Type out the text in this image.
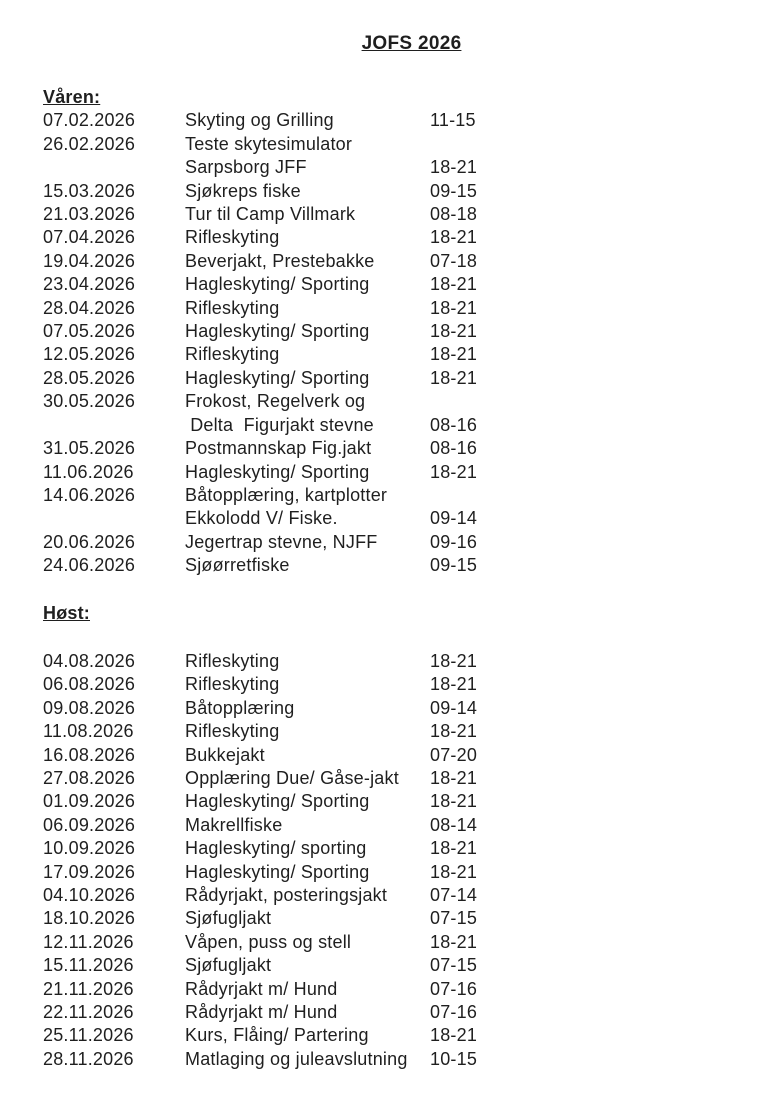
JOFS 2026
Våren:
07.02.2026	Skyting og Grilling	11-15
26.02.2026	Teste skytesimulator
Sarpsborg JFF	18-21
15.03.2026	Sjøkreps fiske	09-15
21.03.2026	Tur til Camp Villmark	08-18
07.04.2026	Rifleskyting	18-21
19.04.2026	Beverjakt, Prestebakke	07-18
23.04.2026	Hagleskyting/ Sporting	18-21
28.04.2026	Rifleskyting	18-21
07.05.2026	Hagleskyting/ Sporting	18-21
12.05.2026	Rifleskyting	18-21
28.05.2026	Hagleskyting/ Sporting	18-21
30.05.2026	Frokost, Regelverk og
Delta  Figurjakt stevne	08-16
31.05.2026	Postmannskap Fig.jakt	08-16
11.06.2026	Hagleskyting/ Sporting	18-21
14.06.2026	Båtopplæring, kartplotter
Ekkolodd V/ Fiske.	09-14
20.06.2026	Jegertrap stevne, NJFF	09-16
24.06.2026	Sjøørretfiske	09-15
Høst:
04.08.2026	Rifleskyting	18-21
06.08.2026	Rifleskyting	18-21
09.08.2026	Båtopplæring	09-14
11.08.2026	Rifleskyting	18-21
16.08.2026	Bukkejakt	07-20
27.08.2026	Opplæring Due/ Gåse-jakt	18-21
01.09.2026	Hagleskyting/ Sporting	18-21
06.09.2026	Makrellfiske	08-14
10.09.2026	Hagleskyting/ sporting	18-21
17.09.2026	Hagleskyting/ Sporting	18-21
04.10.2026	Rådyrjakt, posteringsjakt	07-14
18.10.2026	Sjøfugljakt	07-15
12.11.2026	Våpen, puss og stell	18-21
15.11.2026	Sjøfugljakt	07-15
21.11.2026	Rådyrjakt m/ Hund	07-16
22.11.2026	Rådyrjakt m/ Hund	07-16
25.11.2026	Kurs, Flåing/ Partering	18-21
28.11.2026	Matlaging og juleavslutning	10-15
